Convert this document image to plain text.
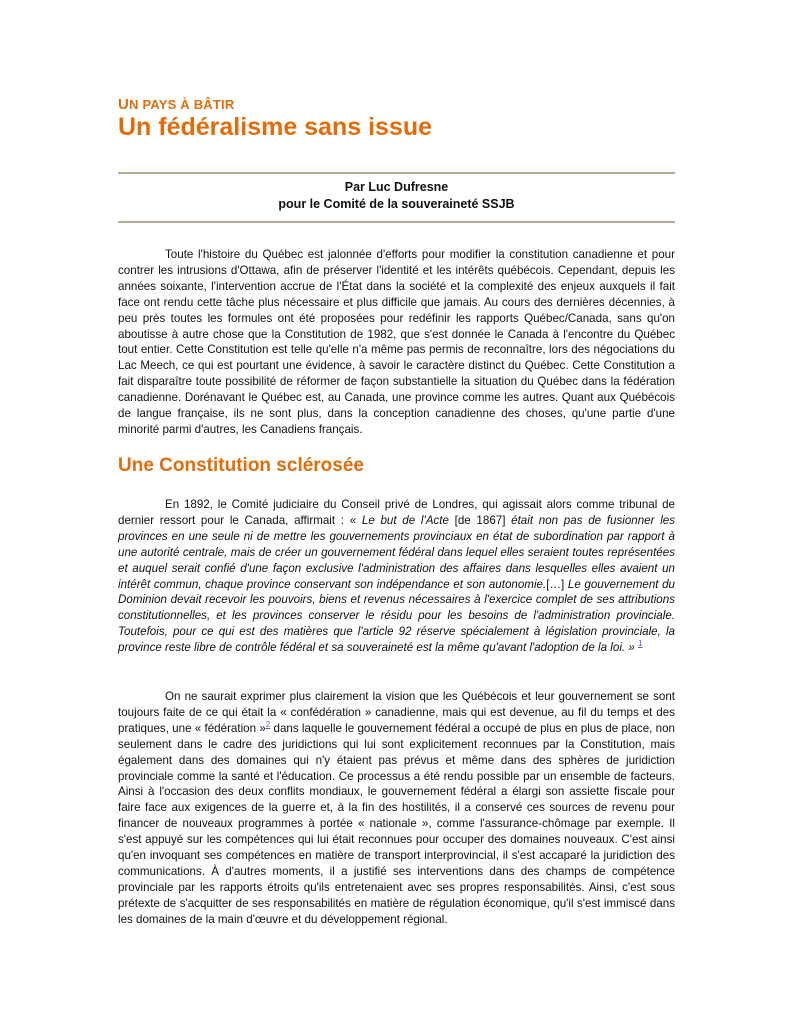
UN PAYS À BÂTIR
Un fédéralisme sans issue
Par Luc Dufresne
pour le Comité de la souveraineté SSJB

Toute l'histoire du Québec est jalonnée d'efforts pour modifier la constitution canadienne et pour contrer les intrusions d'Ottawa, afin de préserver l'identité et les intérêts québécois. Cependant, depuis les années soixante, l'intervention accrue de l'État dans la société et la complexité des enjeux auxquels il fait face ont rendu cette tâche plus nécessaire et plus difficile que jamais. Au cours des dernières décennies, à peu près toutes les formules ont été proposées pour redéfinir les rapports Québec/Canada, sans qu'on aboutisse à autre chose que la Constitution de 1982, que s'est donnée le Canada à l'encontre du Québec tout entier. Cette Constitution est telle qu'elle n'a même pas permis de reconnaître, lors des négociations du Lac Meech, ce qui est pourtant une évidence, à savoir le caractère distinct du Québec. Cette Constitution a fait disparaître toute possibilité de réformer de façon substantielle la situation du Québec dans la fédération canadienne. Dorénavant le Québec est, au Canada, une province comme les autres. Quant aux Québécois de langue française, ils ne sont plus, dans la conception canadienne des choses, qu'une partie d'une minorité parmi d'autres, les Canadiens français.

Une Constitution sclérosée

En 1892, le Comité judiciaire du Conseil privé de Londres, qui agissait alors comme tribunal de dernier ressort pour le Canada, affirmait : « Le but de l'Acte [de 1867] était non pas de fusionner les provinces en une seule ni de mettre les gouvernements provinciaux en état de subordination par rapport à une autorité centrale, mais de créer un gouvernement fédéral dans lequel elles seraient toutes représentées et auquel serait confié d'une façon exclusive l'administration des affaires dans lesquelles elles avaient un intérêt commun, chaque province conservant son indépendance et son autonomie.[…] Le gouvernement du Dominion devait recevoir les pouvoirs, biens et revenus nécessaires à l'exercice complet de ses attributions constitutionnelles, et les provinces conserver le résidu pour les besoins de l'administration provinciale. Toutefois, pour ce qui est des matières que l'article 92 réserve spécialement à législation provinciale, la province reste libre de contrôle fédéral et sa souveraineté est la même qu'avant l'adoption de la loi. » $^1$

On ne saurait exprimer plus clairement la vision que les Québécois et leur gouvernement se sont toujours faite de ce qui était la « confédération » canadienne, mais qui est devenue, au fil du temps et des pratiques, une « fédération »$^2$ dans laquelle le gouvernement fédéral a occupé de plus en plus de place, non seulement dans le cadre des juridictions qui lui sont explicitement reconnues par la Constitution, mais également dans des domaines qui n'y étaient pas prévus et même dans des sphères de juridiction provinciale comme la santé et l'éducation. Ce processus a été rendu possible par un ensemble de facteurs. Ainsi à l'occasion des deux conflits mondiaux, le gouvernement fédéral a élargi son assiette fiscale pour faire face aux exigences de la guerre et, à la fin des hostilités, il a conservé ces sources de revenu pour financer de nouveaux programmes à portée « nationale », comme l'assurance-chômage par exemple. Il s'est appuyé sur les compétences qui lui était reconnues pour occuper des domaines nouveaux. C'est ainsi qu'en invoquant ses compétences en matière de transport interprovincial, il s'est accaparé la juridiction des communications. À d'autres moments, il a justifié ses interventions dans des champs de compétence provinciale par les rapports étroits qu'ils entretenaient avec ses propres responsabilités. Ainsi, c'est sous prétexte de s'acquitter de ses responsabilités en matière de régulation économique, qu'il s'est immiscé dans les domaines de la main d'œuvre et du développement régional.
